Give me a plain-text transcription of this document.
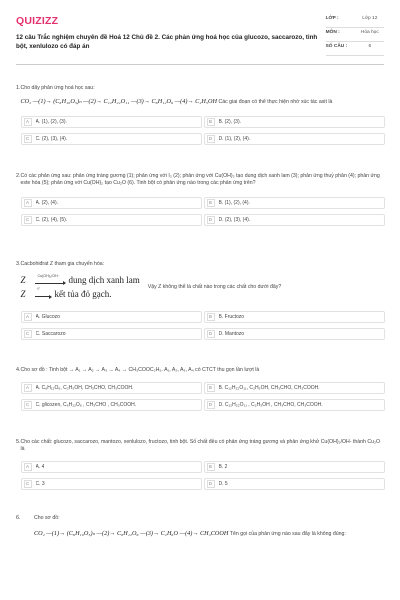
QUIZIZZ
12 câu Trắc nghiệm chuyên đề Hoá 12 Chủ đề 2. Các phản ứng hoá học của glucozo, saccarozo, tinh bột, xenlulozo có đáp án
LỚP :	Lớp 12
MÔN :	Hóa học
SỐ CÂU :	6
1. Cho dãy phản ứng hoá học sau:
CO₂ —(1)→ (C₆H₁₀O₅)ₙ —(2)→ C₁₂H₂₂O₁₁ —(3)→ C₆H₁₂O₆ —(4)→ C₂H₅OH Các giai đoạn có thể thực hiện nhờ xúc tác axit là
A	A. (1), (2), (3).	B	B. (2), (3).
C	C. (2), (3), (4).	D	D. (1), (2), (4).
2. Có các phản ứng sau: phản ứng tráng gương (1); phản ứng với I₂ (2); phản ứng với Cu(OH)₂ tạo dung dịch xanh lam (3); phản ứng thuỷ phân (4); phản ứng este hóa (5); phản ứng với Cu(OH)₂ tạo Cu₂O (6). Tinh bột có phản ứng nào trong các phản ứng trên?
A	A. (2), (4).	B	B. (1), (2), (4).
C	C. (2), (4), (5).	D	D. (2), (3), (4).
3. Cacbohiđrat Z tham gia chuyển hóa:
Z	Cu(OH)₂/OH⁻ dung dịch xanh lam
Z	t° kết tủa đỏ gạch.
Vậy Z không thể là chất nào trong các chất cho dưới đây?
A	A. Glucozo	B	B. Fructozo
C	C. Saccarozo	D	D. Mantozo
4. Cho sơ đồ : Tinh bột → A₁ → A₂ → A₃ → A₄ → CH₃COOC₂H₅. A₁, A₂, A₃, A₄ có CTCT thu gọn lần lượt là
A	A. C₆H₁₂O₆, C₂H₅OH, CH₃CHO, CH₃COOH.	B	B. C₁₂H₂₂O₁₁, C₂H₅OH, CH₃CHO, CH₃COOH.
C	C. glicozen, C₆H₁₂O₆ , CH₃CHO , CH₃COOH.	D	D. C₁₂H₂₂O₁₁ , C₂H₅OH , CH₃CHO, CH₃COOH.
5. Cho các chất: glucozo, saccarozo, mantozo, xenlulozo, fructozo, tinh bột. Số chất đều có phản ứng tráng gương và phản ứng khử Cu(OH)₂/OH- thành Cu₂O là
A	A. 4	B	B. 2
C	C. 3	D	D. 5
6.	Cho sơ đồ:
CO₂ —(1)→ (C₆H₁₀O₅)ₙ —(2)→ C₆H₁₂O₆ —(3)→ C₂H₆O —(4)→ CH₃COOH Tên gọi của phản ứng nào sau đây là không đúng:
